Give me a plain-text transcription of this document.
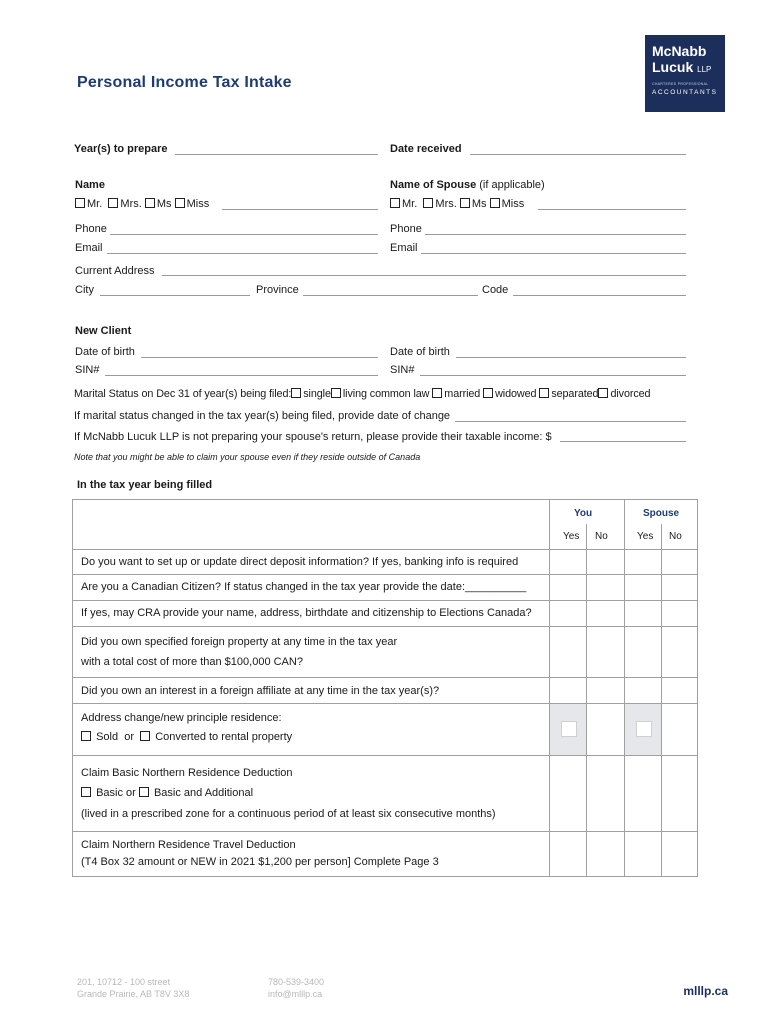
Personal Income Tax Intake
McNabb
Lucuk LLP
CHARTERED PROFESSIONAL
ACCOUNTANTS
Year(s) to prepare	Date received
Name
Mr. Mrs. Ms Miss
Name of Spouse (if applicable)
Mr. Mrs. Ms Miss
Phone	Phone
Email	Email
Current Address
City	Province	Code
New Client
Date of birth	Date of birth
SIN#	SIN#
Marital Status on Dec 31 of year(s) being filed: single living common law married widowed separated divorced
If marital status changed in the tax year(s) being filed, provide date of change
If McNabb Lucuk LLP is not preparing your spouse's return, please provide their taxable income: $
Note that you might be able to claim your spouse even if they reside outside of Canada
In the tax year being filled
You	Spouse
Yes No	Yes No
Do you want to set up or update direct deposit information? If yes, banking info is required
Are you a Canadian Citizen? If status changed in the tax year provide the date:__________
If yes, may CRA provide your name, address, birthdate and citizenship to Elections Canada?
Did you own specified foreign property at any time in the tax year
with a total cost of more than $100,000 CAN?
Did you own an interest in a foreign affiliate at any time in the tax year(s)?
Address change/new principle residence:
Sold or Converted to rental property
Claim Basic Northern Residence Deduction
Basic or Basic and Additional
(lived in a prescribed zone for a continuous period of at least six consecutive months)
Claim Northern Residence Travel Deduction
(T4 Box 32 amount or NEW in 2021 $1,200 per person] Complete Page 3
201, 10712 - 100 street
Grande Prairie, AB T8V 3X8
780-539-3400
info@mlllp.ca	mlllp.ca
